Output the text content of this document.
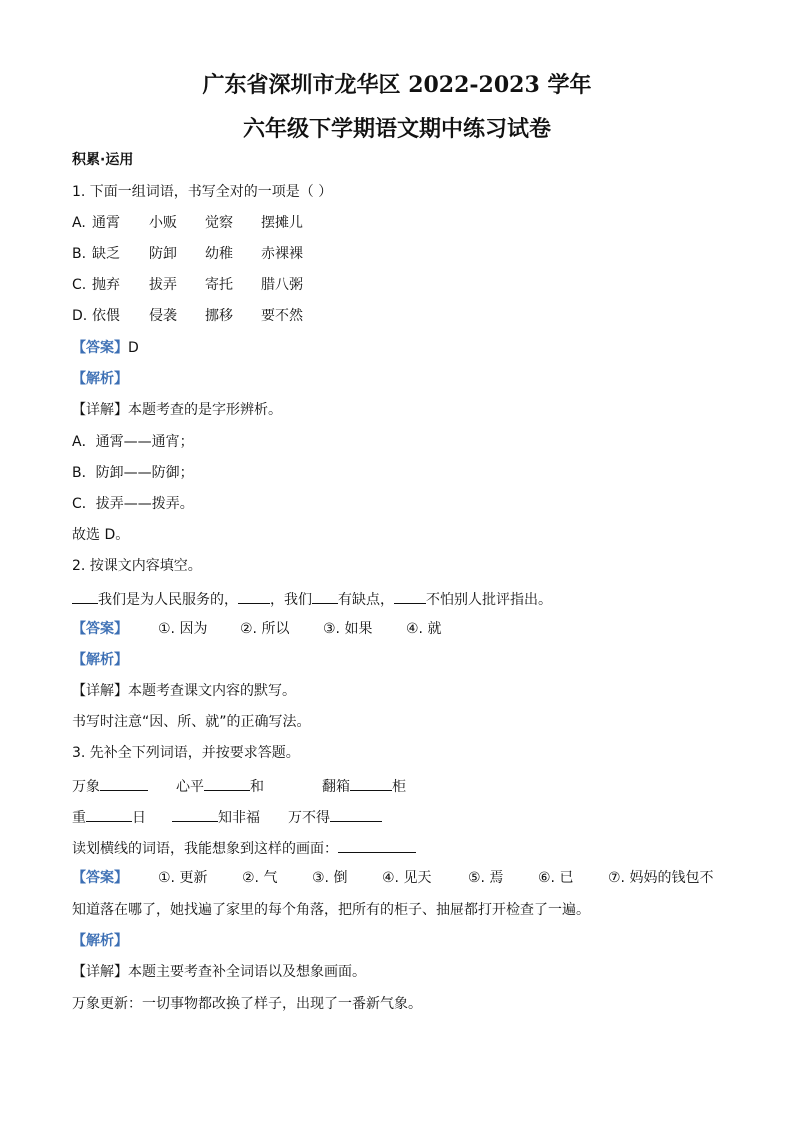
广东省深圳市龙华区 2022-2023 学年
六年级下学期语文期中练习试卷
积累·运用
1. 下面一组词语，书写全对的一项是（ ）
A. 通霄 小贩 觉察 摆摊儿
B. 缺乏 防卸 幼稚 赤裸裸
C. 抛弃 拔弄 寄托 腊八粥
D. 依偎 侵袭 挪移 要不然
【答案】D
【解析】
【详解】本题考查的是字形辨析。
A．通霄——通宵；
B．防卸——防御；
C．拔弄——拨弄。
故选 D。
2. 按课文内容填空。
我们是为人民服务的， ，我们 有缺点， 不怕别人批评指出。
【答案】 ①. 因为 ②. 所以 ③. 如果 ④. 就
【解析】
【详解】本题考查课文内容的默写。
书写时注意“因、所、就”的正确写法。
3. 先补全下列词语，并按要求答题。
万象	心平	和	翻箱	柜
重	日	知非福 万不得
读划横线的词语，我能想象到这样的画面：
【答案】 ①. 更新 ②. 气 ③. 倒 ④. 见天	⑤. 焉 ⑥. 已 ⑦. 妈妈的钱包不
知道落在哪了，她找遍了家里的每个角落，把所有的柜子、抽屉都打开检查了一遍。
【解析】
【详解】本题主要考查补全词语以及想象画面。
万象更新：一切事物都改换了样子，出现了一番新气象。
